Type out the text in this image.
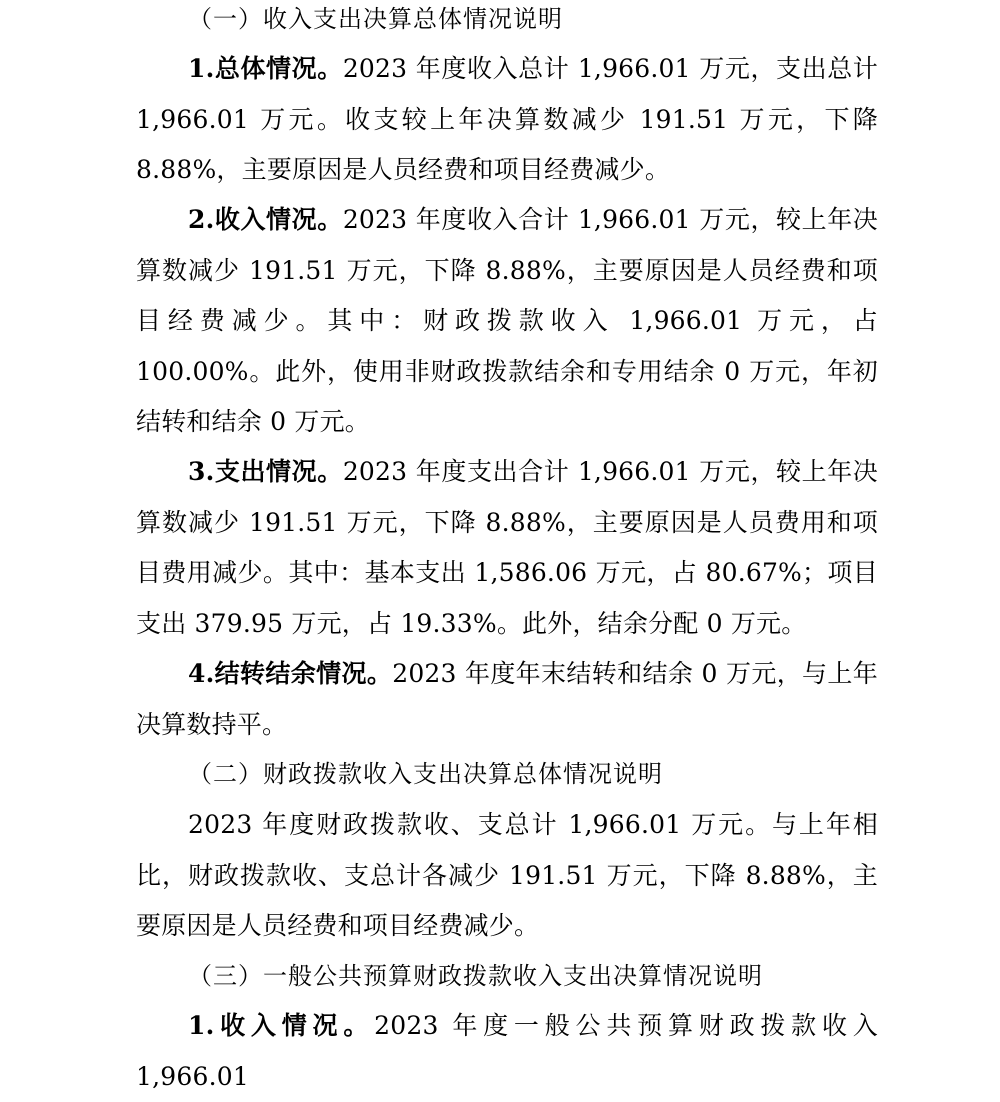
（一）收入支出决算总体情况说明

1.总体情况。2023 年度收入总计 1,966.01 万元，支出总计 1,966.01 万元。收支较上年决算数减少 191.51 万元，下降 8.88%，主要原因是人员经费和项目经费减少。

2.收入情况。2023 年度收入合计 1,966.01 万元，较上年决算数减少 191.51 万元，下降 8.88%，主要原因是人员经费和项目经费减少。其中：财政拨款收入 1,966.01 万元，占 100.00%。此外，使用非财政拨款结余和专用结余 0 万元，年初结转和结余 0 万元。

3.支出情况。2023 年度支出合计 1,966.01 万元，较上年决算数减少 191.51 万元，下降 8.88%，主要原因是人员费用和项目费用减少。其中：基本支出 1,586.06 万元，占 80.67%；项目支出 379.95 万元，占 19.33%。此外，结余分配 0 万元。

4.结转结余情况。2023 年度年末结转和结余 0 万元，与上年决算数持平。

（二）财政拨款收入支出决算总体情况说明

2023 年度财政拨款收、支总计 1,966.01 万元。与上年相比，财政拨款收、支总计各减少 191.51 万元，下降 8.88%，主要原因是人员经费和项目经费减少。

（三）一般公共预算财政拨款收入支出决算情况说明

1.收入情况。2023 年度一般公共预算财政拨款收入 1,966.01
